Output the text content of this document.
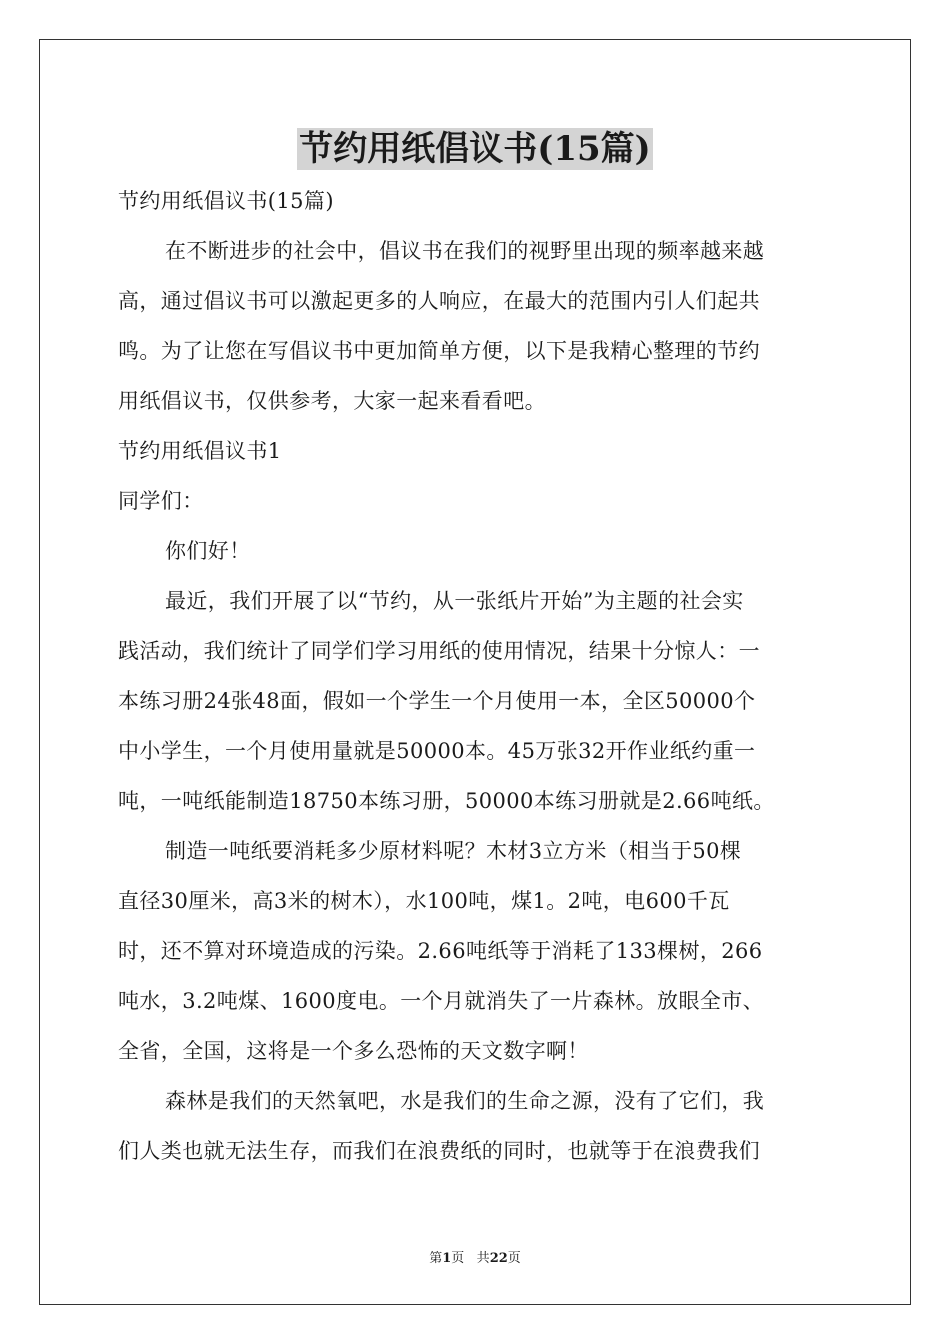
节约用纸倡议书(15篇)
节约用纸倡议书(15篇)
在不断进步的社会中，倡议书在我们的视野里出现的频率越来越
高，通过倡议书可以激起更多的人响应，在最大的范围内引人们起共
鸣。为了让您在写倡议书中更加简单方便，以下是我精心整理的节约
用纸倡议书，仅供参考，大家一起来看看吧。
节约用纸倡议书1
同学们：
你们好！
最近，我们开展了以“节约，从一张纸片开始”为主题的社会实
践活动，我们统计了同学们学习用纸的使用情况，结果十分惊人：一
本练习册24张48面，假如一个学生一个月使用一本，全区50000个
中小学生，一个月使用量就是50000本。45万张32开作业纸约重一
吨，一吨纸能制造18750本练习册，50000本练习册就是2.66吨纸。
制造一吨纸要消耗多少原材料呢？木材3立方米（相当于50棵
直径30厘米，高3米的树木），水100吨，煤1。2吨，电600千瓦
时，还不算对环境造成的污染。2.66吨纸等于消耗了133棵树，266
吨水，3.2吨煤、1600度电。一个月就消失了一片森林。放眼全市、
全省，全国，这将是一个多么恐怖的天文数字啊！
森林是我们的天然氧吧，水是我们的生命之源，没有了它们，我
们人类也就无法生存，而我们在浪费纸的同时，也就等于在浪费我们
第1页 共22页
